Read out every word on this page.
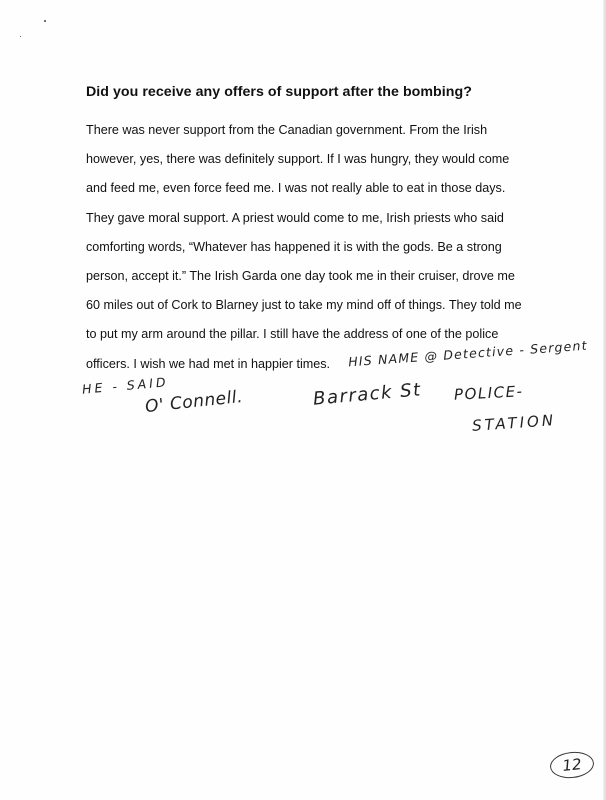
Did you receive any offers of support after the bombing?
There was never support from the Canadian government. From the Irish
however, yes, there was definitely support. If I was hungry, they would come
and feed me, even force feed me. I was not really able to eat in those days.
They gave moral support. A priest would come to me, Irish priests who said
comforting words, “Whatever has happened it is with the gods. Be a strong
person, accept it.” The Irish Garda one day took me in their cruiser, drove me
60 miles out of Cork to Blarney just to take my mind off of things. They told me
to put my arm around the pillar. I still have the address of one of the police
officers. I wish we had met in happier times.	HIS NAME @ Detective - Sergent
HE - SAID
O' Connell.	Barrack St POLICE-
STATION
12
